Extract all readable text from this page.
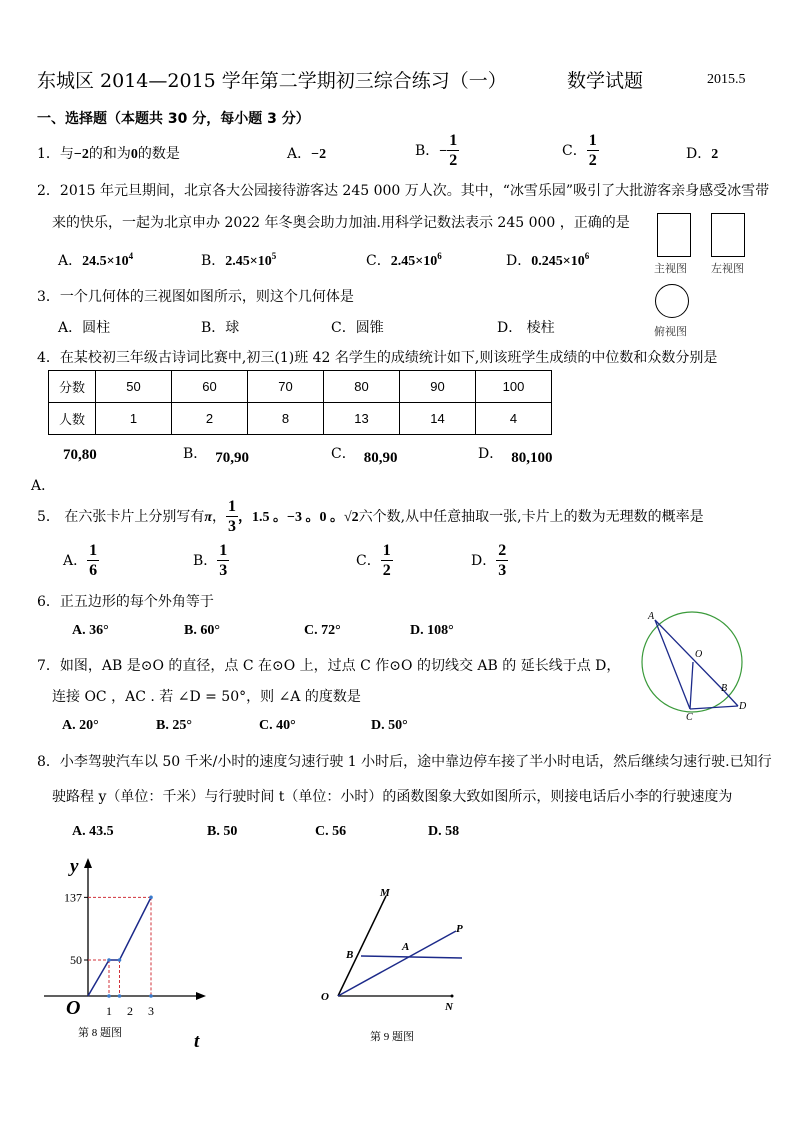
东城区 2014—2015 学年第二学期初三综合练习（一）	数学试题	2015.5
一、选择题（本题共 30 分，每小题 3 分）
1．与−2的和为0的数是	A．−2	B．− $\frac{1}{2}$	C． $\frac{1}{2}$	D．2
2．2015 年元旦期间，北京各大公园接待游客达 245 000 万人次。其中，“冰雪乐园”吸引了大批游客亲身感受冰雪带
来的快乐，一起为北京申办 2022 年冬奥会助力加油.用科学记数法表示 245 000 ，正确的是
A．$24.5\times 10^4$	B．$2.45\times 10^5$	C．$2.45\times 10^6$	D．$0.245\times 10^6$
主视图 左视图
俯视图
3．一个几何体的三视图如图所示，则这个几何体是
A．圆柱	B．球	C．圆锥	D． 棱柱
4．在某校初三年级古诗词比赛中,初三(1)班 42 名学生的成绩统计如下,则该班学生成绩的中位数和众数分别是
分数	50	60	70	80	90	100
人数	1	2	8	13	14	4
70,80
A．
B． 70,90	C． 80,90	D． 80,100
5． 在六张卡片上分别写有π， $\frac{1}{3}$ ，1.5 。−3 。0 。√2六个数,从中任意抽取一张,卡片上的数为无理数的概率是
A． $\frac{1}{6}$	B． $\frac{1}{3}$	C． $\frac{1}{2}$	D． $\frac{2}{3}$
6．正五边形的每个外角等于
A. 36°	B. 60°	C. 72°	D. 108°
7．如图，AB 是⊙O 的直径，点 C 在⊙O 上，过点 C 作⊙O 的切线交 AB 的 延长线于点 D，
连接 OC ，AC . 若 ∠D = 50°，则 ∠A 的度数是
A. 20°	B. 25°	C. 40°	D. 50°
A
O
B
C
D
8．小李驾驶汽车以 50 千米/小时的速度匀速行驶 1 小时后，途中靠边停车接了半小时电话，然后继续匀速行驶.已知行
驶路程 y（单位：千米）与行驶时间 t（单位：小时）的函数图象大致如图所示，则接电话后小李的行驶速度为
A. 43.5	B. 50	C. 56	D. 58
y
t
O
50
137
1 2 3
第 8 题图
M
P
B
A
O
N
第 9 题图
